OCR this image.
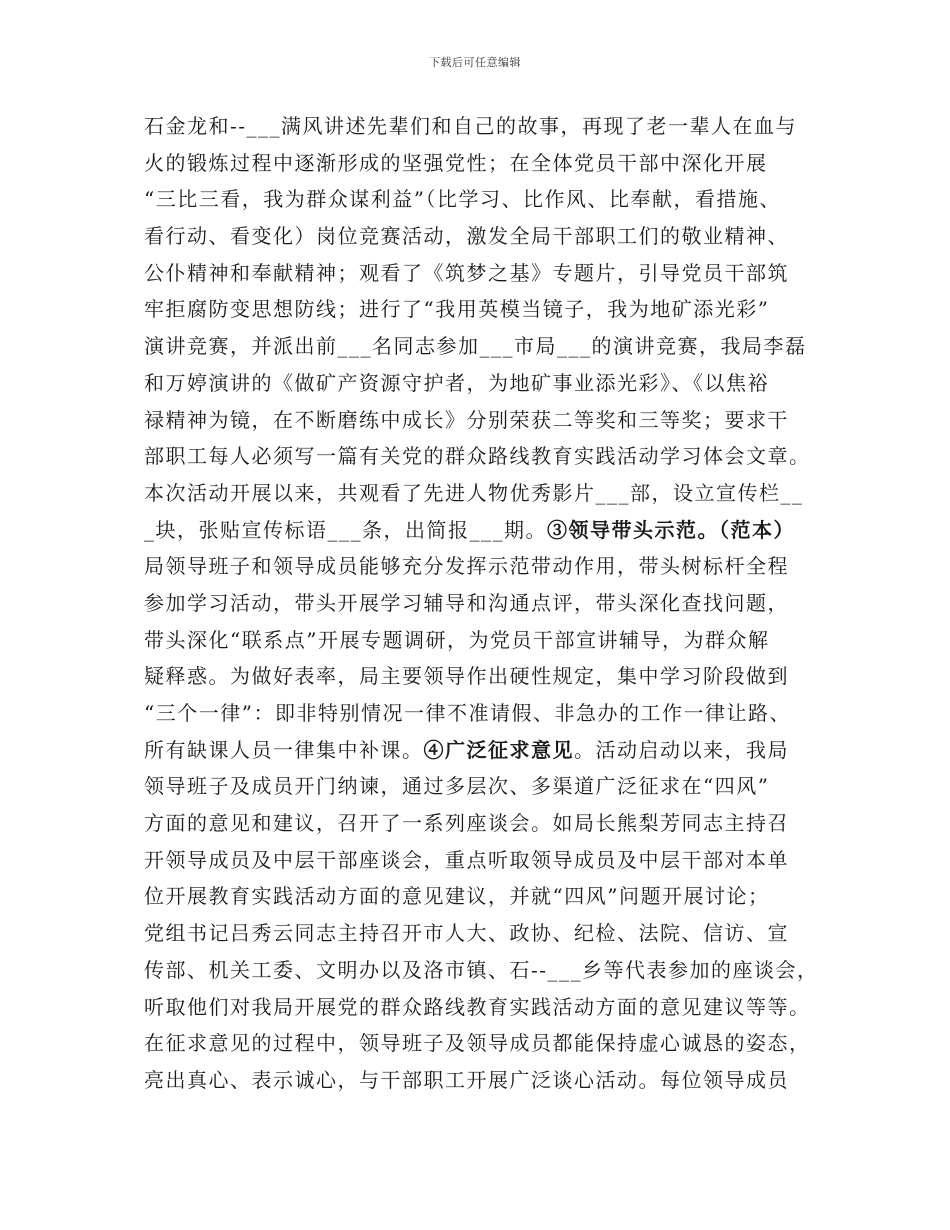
下载后可任意编辑
石金龙和--___满风讲述先辈们和自己的故事，再现了老一辈人在血与
火的锻炼过程中逐渐形成的坚强党性；在全体党员干部中深化开展
“三比三看，我为群众谋利益”（比学习、比作风、比奉献，看措施、
看行动、看变化）岗位竞赛活动，激发全局干部职工们的敬业精神、
公仆精神和奉献精神；观看了《筑梦之基》专题片，引导党员干部筑
牢拒腐防变思想防线；进行了“我用英模当镜子，我为地矿添光彩”
演讲竞赛，并派出前___名同志参加___市局___的演讲竞赛，我局李磊
和万婷演讲的《做矿产资源守护者，为地矿事业添光彩》、《以焦裕
禄精神为镜，在不断磨练中成长》分别荣获二等奖和三等奖；要求干
部职工每人必须写一篇有关党的群众路线教育实践活动学习体会文章。
本次活动开展以来，共观看了先进人物优秀影片___部，设立宣传栏__
_块，张贴宣传标语___条，出简报___期。③领导带头示范。（范本）
局领导班子和领导成员能够充分发挥示范带动作用，带头树标杆全程
参加学习活动，带头开展学习辅导和沟通点评，带头深化查找问题，
带头深化“联系点”开展专题调研，为党员干部宣讲辅导，为群众解
疑释惑。为做好表率，局主要领导作出硬性规定，集中学习阶段做到
“三个一律”：即非特别情况一律不准请假、非急办的工作一律让路、
所有缺课人员一律集中补课。④广泛征求意见。活动启动以来，我局
领导班子及成员开门纳谏，通过多层次、多渠道广泛征求在“四风”
方面的意见和建议，召开了一系列座谈会。如局长熊梨芳同志主持召
开领导成员及中层干部座谈会，重点听取领导成员及中层干部对本单
位开展教育实践活动方面的意见建议，并就“四风”问题开展讨论；
党组书记吕秀云同志主持召开市人大、政协、纪检、法院、信访、宣
传部、机关工委、文明办以及洛市镇、石--___乡等代表参加的座谈会，
听取他们对我局开展党的群众路线教育实践活动方面的意见建议等等。
在征求意见的过程中，领导班子及领导成员都能保持虚心诚恳的姿态，
亮出真心、表示诚心，与干部职工开展广泛谈心活动。每位领导成员
